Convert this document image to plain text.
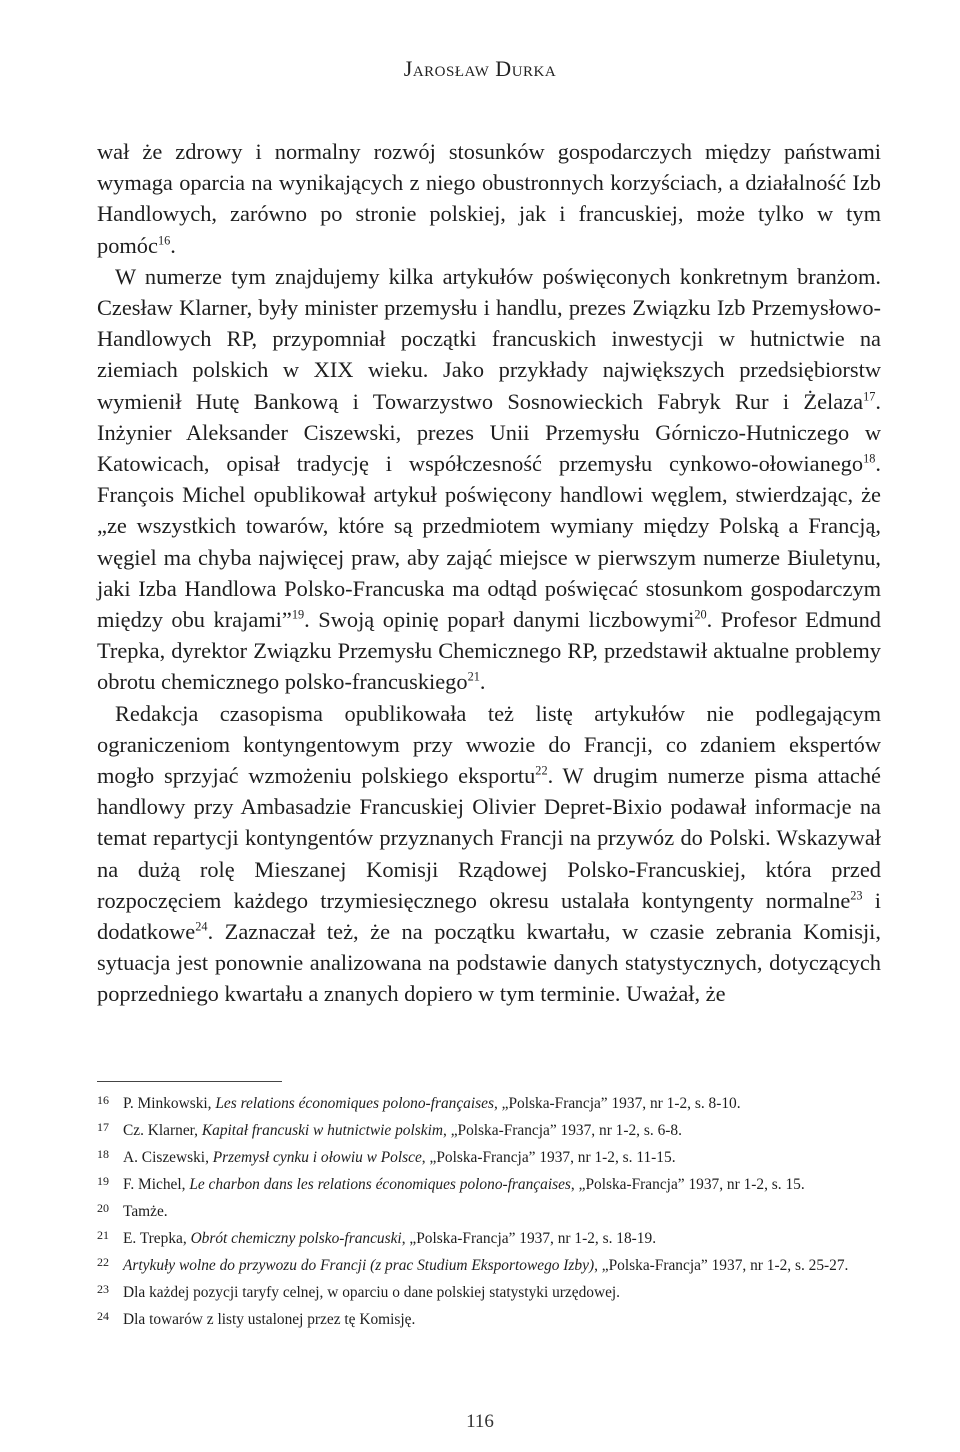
Jarosław Durka

wał że zdrowy i normalny rozwój stosunków gospodarczych między państwami wymaga oparcia na wynikających z niego obustronnych korzyściach, a działalność Izb Handlowych, zarówno po stronie polskiej, jak i francuskiej, może tylko w tym pomóc$^{16}$.

W numerze tym znajdujemy kilka artykułów poświęconych konkretnym branżom. Czesław Klarner, były minister przemysłu i handlu, prezes Związku Izb Przemysłowo-Handlowych RP, przypomniał początki francuskich inwestycji w hutnictwie na ziemiach polskich w XIX wieku. Jako przykłady największych przedsiębiorstw wymienił Hutę Bankową i Towarzystwo Sosnowieckich Fabryk Rur i Żelaza$^{17}$. Inżynier Aleksander Ciszewski, prezes Unii Przemysłu Górniczo-Hutniczego w Katowicach, opisał tradycję i współczesność przemysłu cynkowo-ołowianego$^{18}$. François Michel opublikował artykuł poświęcony handlowi węglem, stwierdzając, że „ze wszystkich towarów, które są przedmiotem wymiany między Polską a Francją, węgiel ma chyba najwięcej praw, aby zająć miejsce w pierwszym numerze Biuletynu, jaki Izba Handlowa Polsko-Francuska ma odtąd poświęcać stosunkom gospodarczym między obu krajami”$^{19}$. Swoją opinię poparł danymi liczbowymi$^{20}$. Profesor Edmund Trepka, dyrektor Związku Przemysłu Chemicznego RP, przedstawił aktualne problemy obrotu chemicznego polsko-francuskiego$^{21}$.

Redakcja czasopisma opublikowała też listę artykułów nie podlegającym ograniczeniom kontyngentowym przy wwozie do Francji, co zdaniem ekspertów mogło sprzyjać wzmożeniu polskiego eksportu$^{22}$. W drugim numerze pisma attaché handlowy przy Ambasadzie Francuskiej Olivier Depret-Bixio podawał informacje na temat repartycji kontyngentów przyznanych Francji na przywóz do Polski. Wskazywał na dużą rolę Mieszanej Komisji Rządowej Polsko-Francuskiej, która przed rozpoczęciem każdego trzymiesięcznego okresu ustalała kontyngenty normalne$^{23}$ i dodatkowe$^{24}$. Zaznaczał też, że na początku kwartału, w czasie zebrania Komisji, sytuacja jest ponownie analizowana na podstawie danych statystycznych, dotyczących poprzedniego kwartału a znanych dopiero w tym terminie. Uważał, że

16 P. Minkowski, Les relations économiques polono-françaises, „Polska-Francja” 1937, nr 1-2, s. 8-10.
17 Cz. Klarner, Kapitał francuski w hutnictwie polskim, „Polska-Francja” 1937, nr 1-2, s. 6-8.
18 A. Ciszewski, Przemysł cynku i ołowiu w Polsce, „Polska-Francja” 1937, nr 1-2, s. 11-15.
19 F. Michel, Le charbon dans les relations économiques polono-françaises, „Polska-Francja” 1937, nr 1-2, s. 15.
20 Tamże.
21 E. Trepka, Obrót chemiczny polsko-francuski, „Polska-Francja” 1937, nr 1-2, s. 18-19.
22 Artykuły wolne do przywozu do Francji (z prac Studium Eksportowego Izby), „Polska-Francja” 1937, nr 1-2, s. 25-27.
23 Dla każdej pozycji taryfy celnej, w oparciu o dane polskiej statystyki urzędowej.
24 Dla towarów z listy ustalonej przez tę Komisję.
116
